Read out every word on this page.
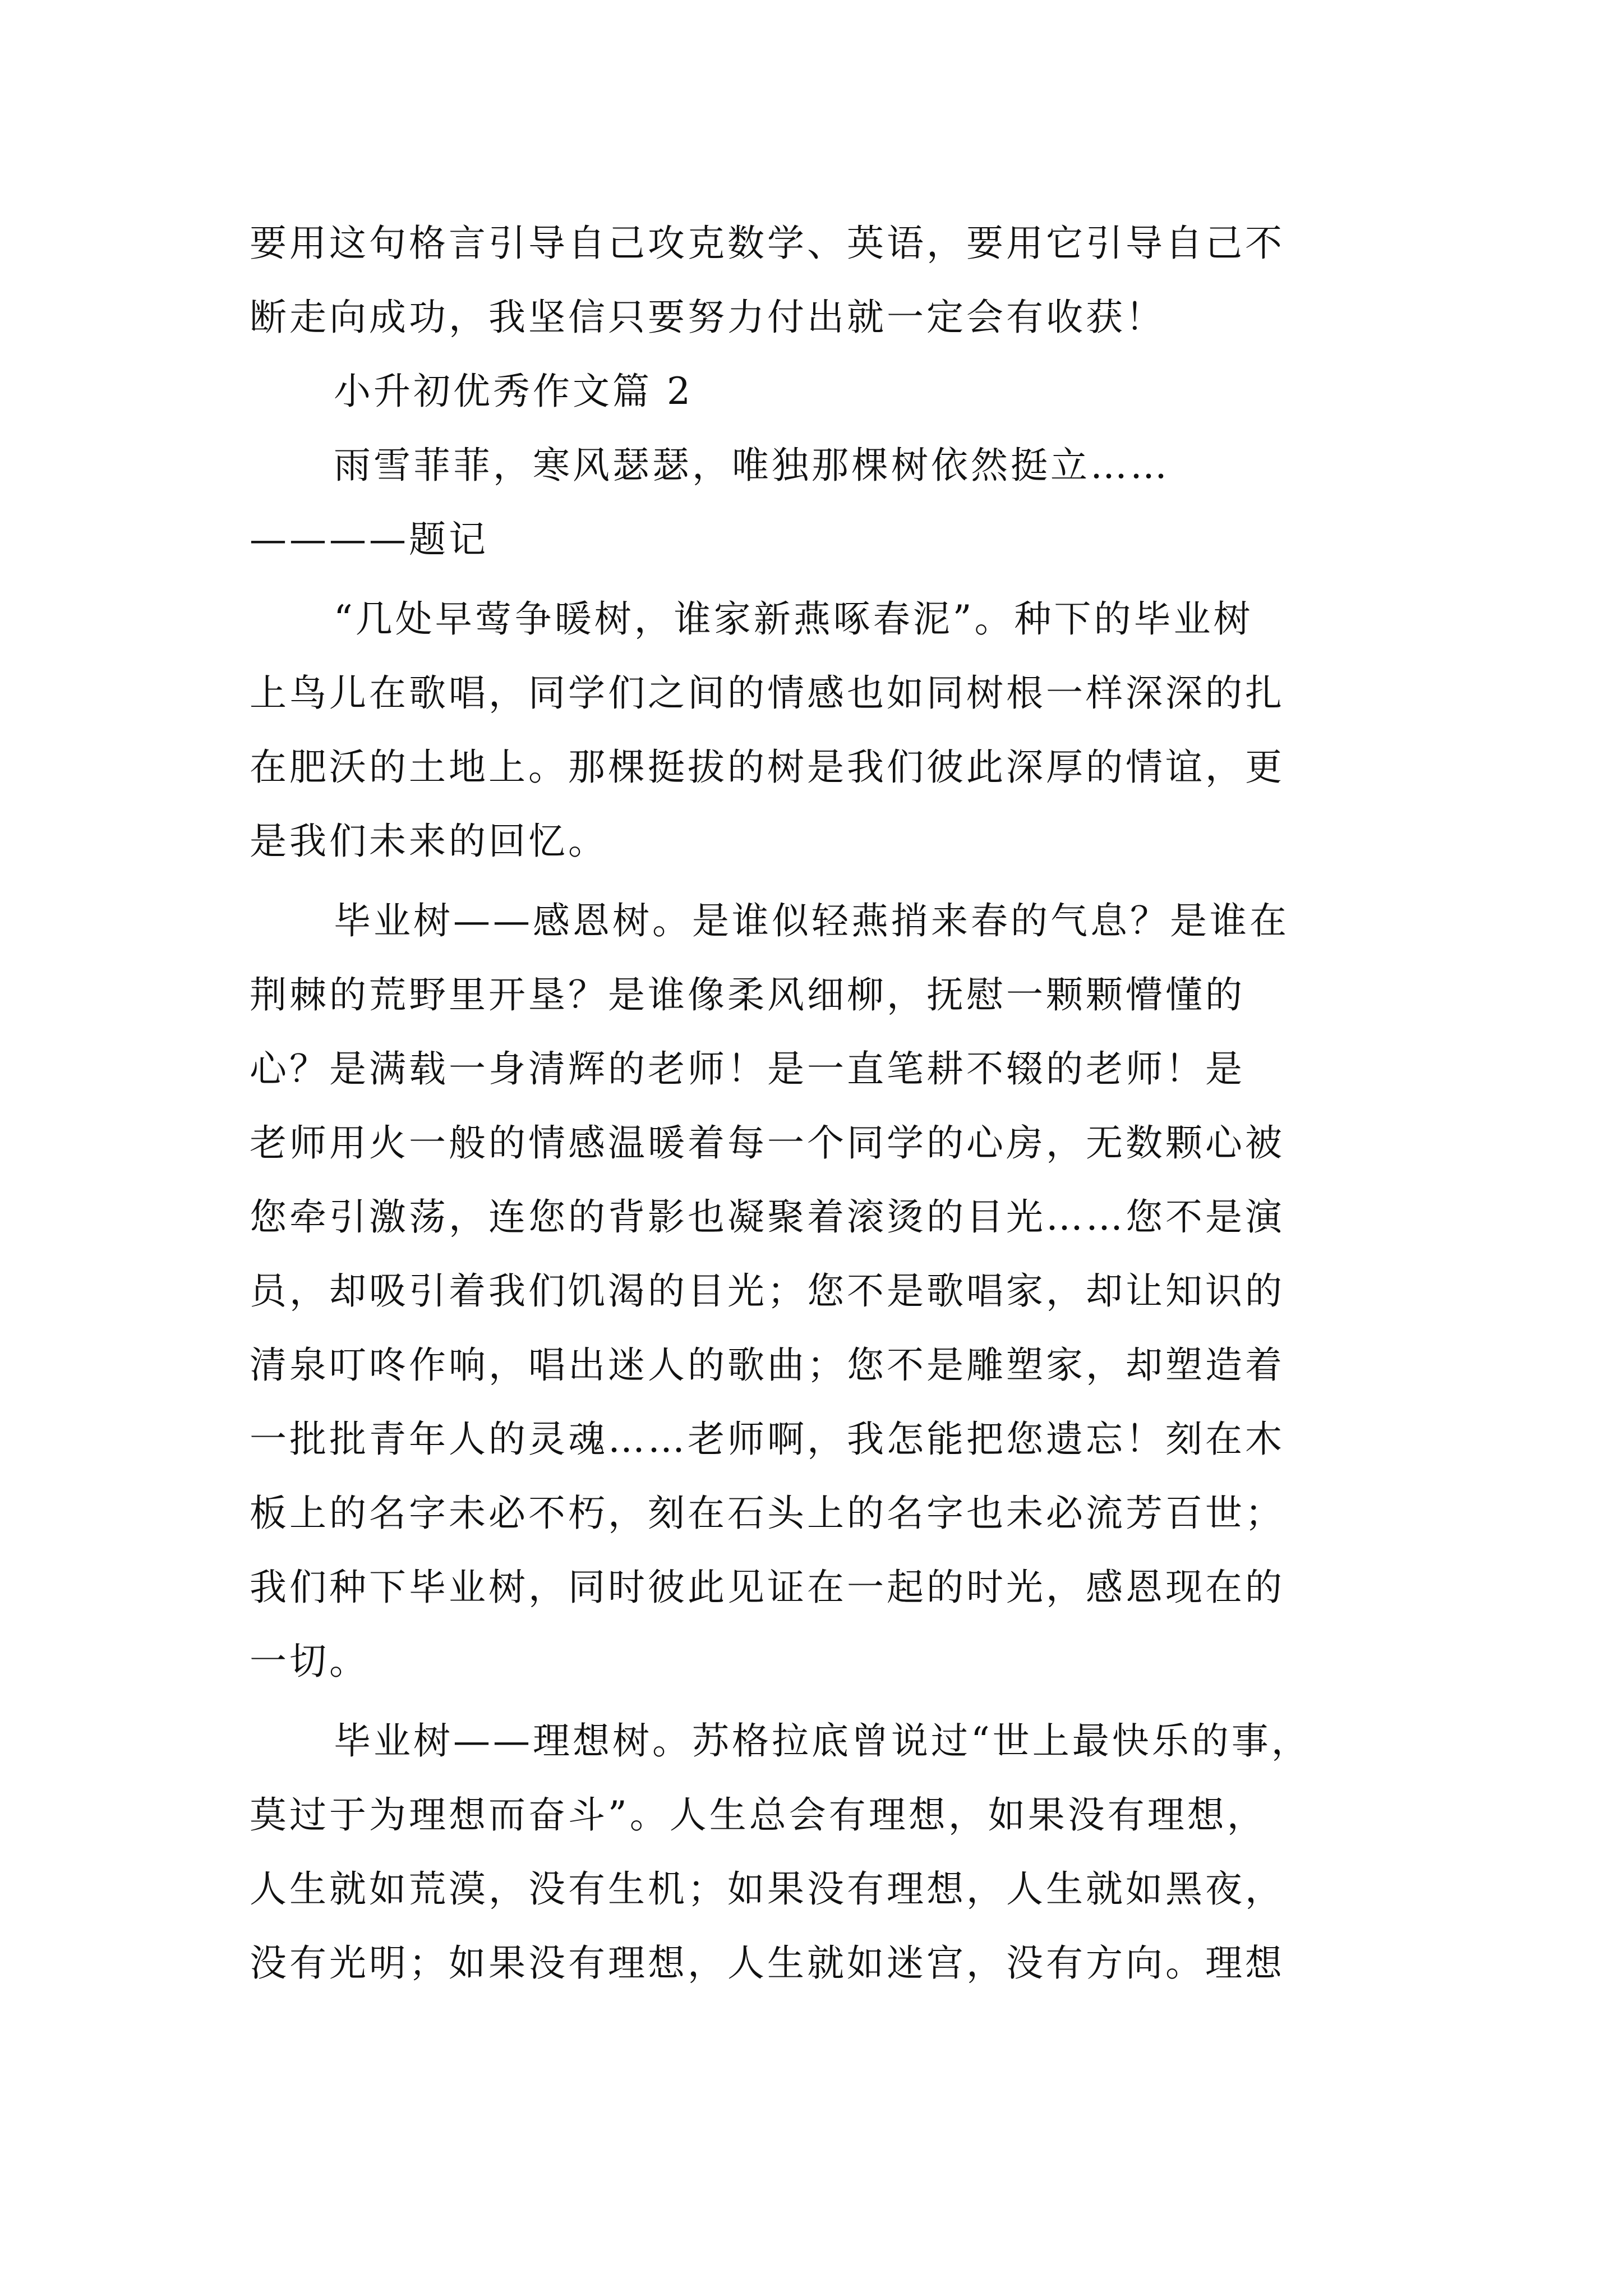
要用这句格言引导自己攻克数学、英语，要用它引导自己不
断走向成功，我坚信只要努力付出就一定会有收获！
小升初优秀作文篇 2
雨雪菲菲，寒风瑟瑟，唯独那棵树依然挺立……
————题记
“几处早莺争暖树，谁家新燕啄春泥”。种下的毕业树
上鸟儿在歌唱，同学们之间的情感也如同树根一样深深的扎
在肥沃的土地上。那棵挺拔的树是我们彼此深厚的情谊，更
是我们未来的回忆。
毕业树——感恩树。是谁似轻燕捎来春的气息？是谁在
荆棘的荒野里开垦？是谁像柔风细柳，抚慰一颗颗懵懂的
心？是满载一身清辉的老师！是一直笔耕不辍的老师！是
老师用火一般的情感温暖着每一个同学的心房，无数颗心被
您牵引激荡，连您的背影也凝聚着滚烫的目光……您不是演
员，却吸引着我们饥渴的目光；您不是歌唱家，却让知识的
清泉叮咚作响，唱出迷人的歌曲；您不是雕塑家，却塑造着
一批批青年人的灵魂……老师啊，我怎能把您遗忘！刻在木
板上的名字未必不朽，刻在石头上的名字也未必流芳百世；
我们种下毕业树，同时彼此见证在一起的时光，感恩现在的
一切。
毕业树——理想树。苏格拉底曾说过“世上最快乐的事，
莫过于为理想而奋斗”。人生总会有理想，如果没有理想，
人生就如荒漠，没有生机；如果没有理想，人生就如黑夜，
没有光明；如果没有理想，人生就如迷宫，没有方向。理想
